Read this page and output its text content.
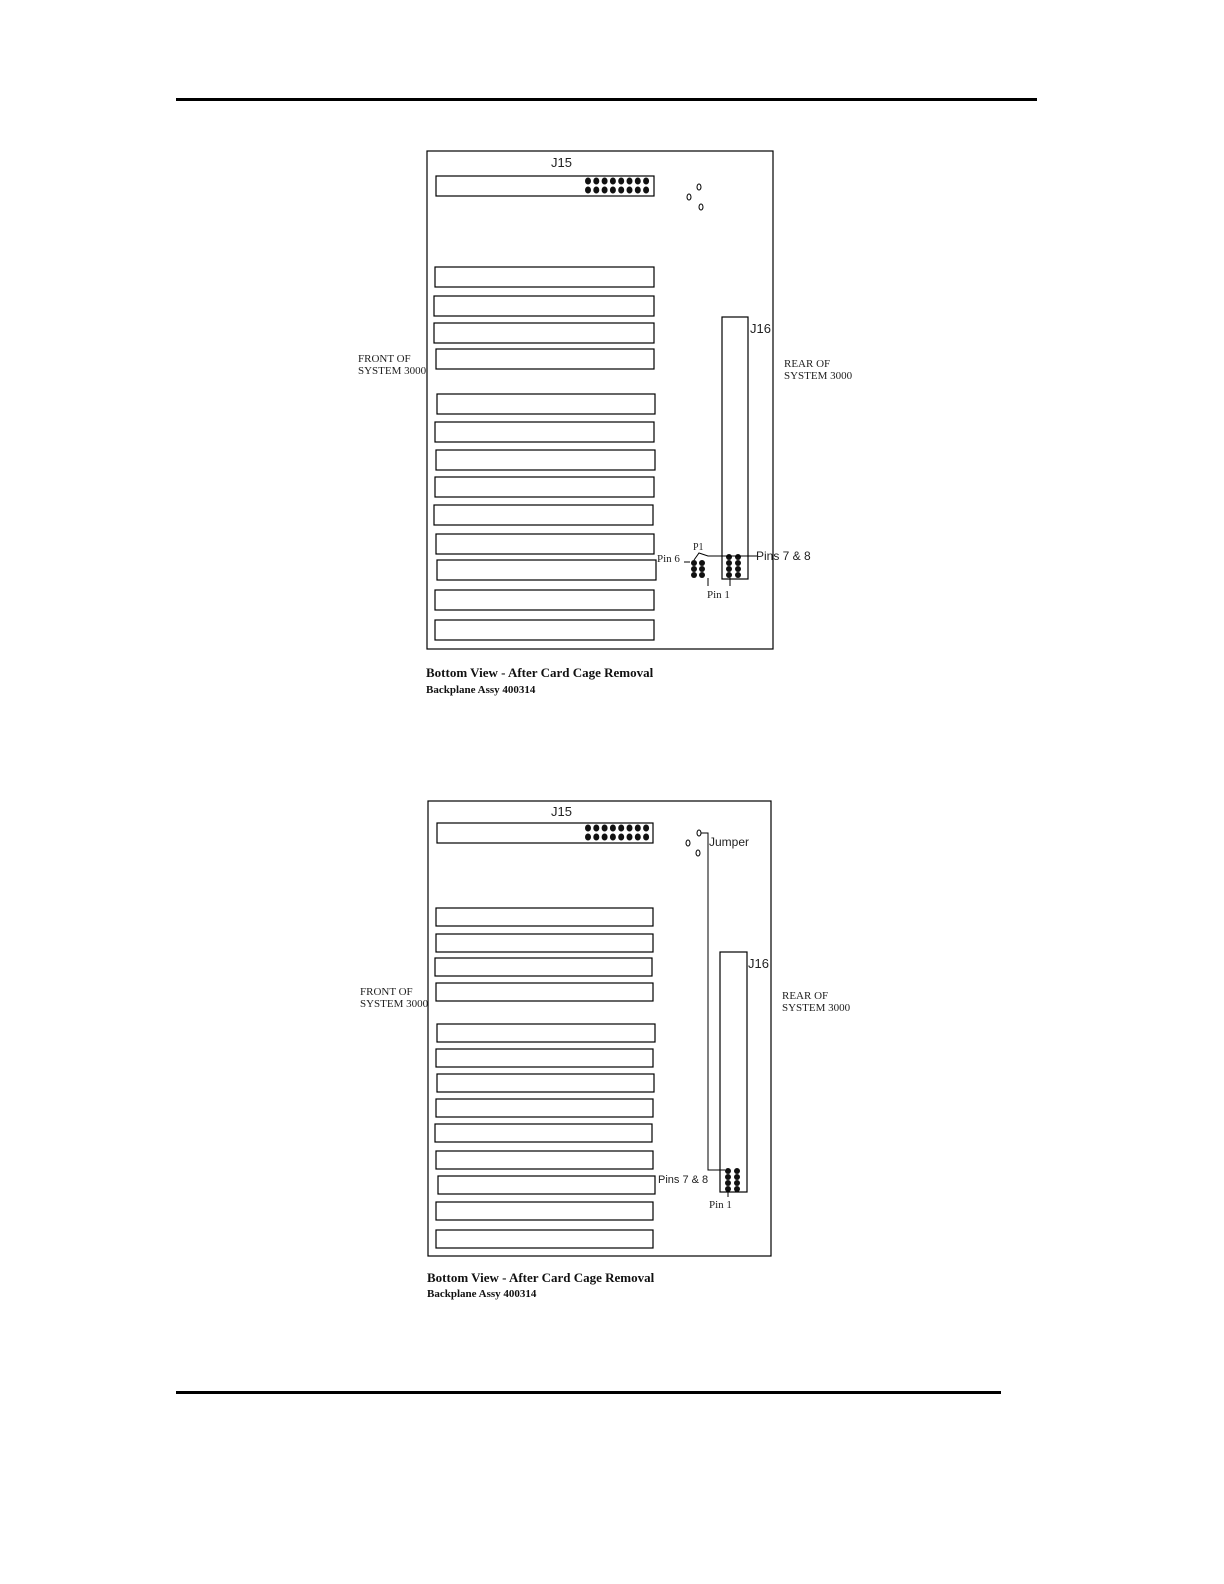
J15
J16
FRONT OF
SYSTEM 3000
REAR OF
SYSTEM 3000
Pin 6
P1
Pins 7 & 8
Pin 1
Bottom View - After Card Cage Removal
Backplane Assy 400314
J15
J16
Jumper
FRONT OF
SYSTEM 3000
REAR OF
SYSTEM 3000
Pins 7 & 8
Pin 1
Bottom View - After Card Cage Removal
Backplane Assy 400314
